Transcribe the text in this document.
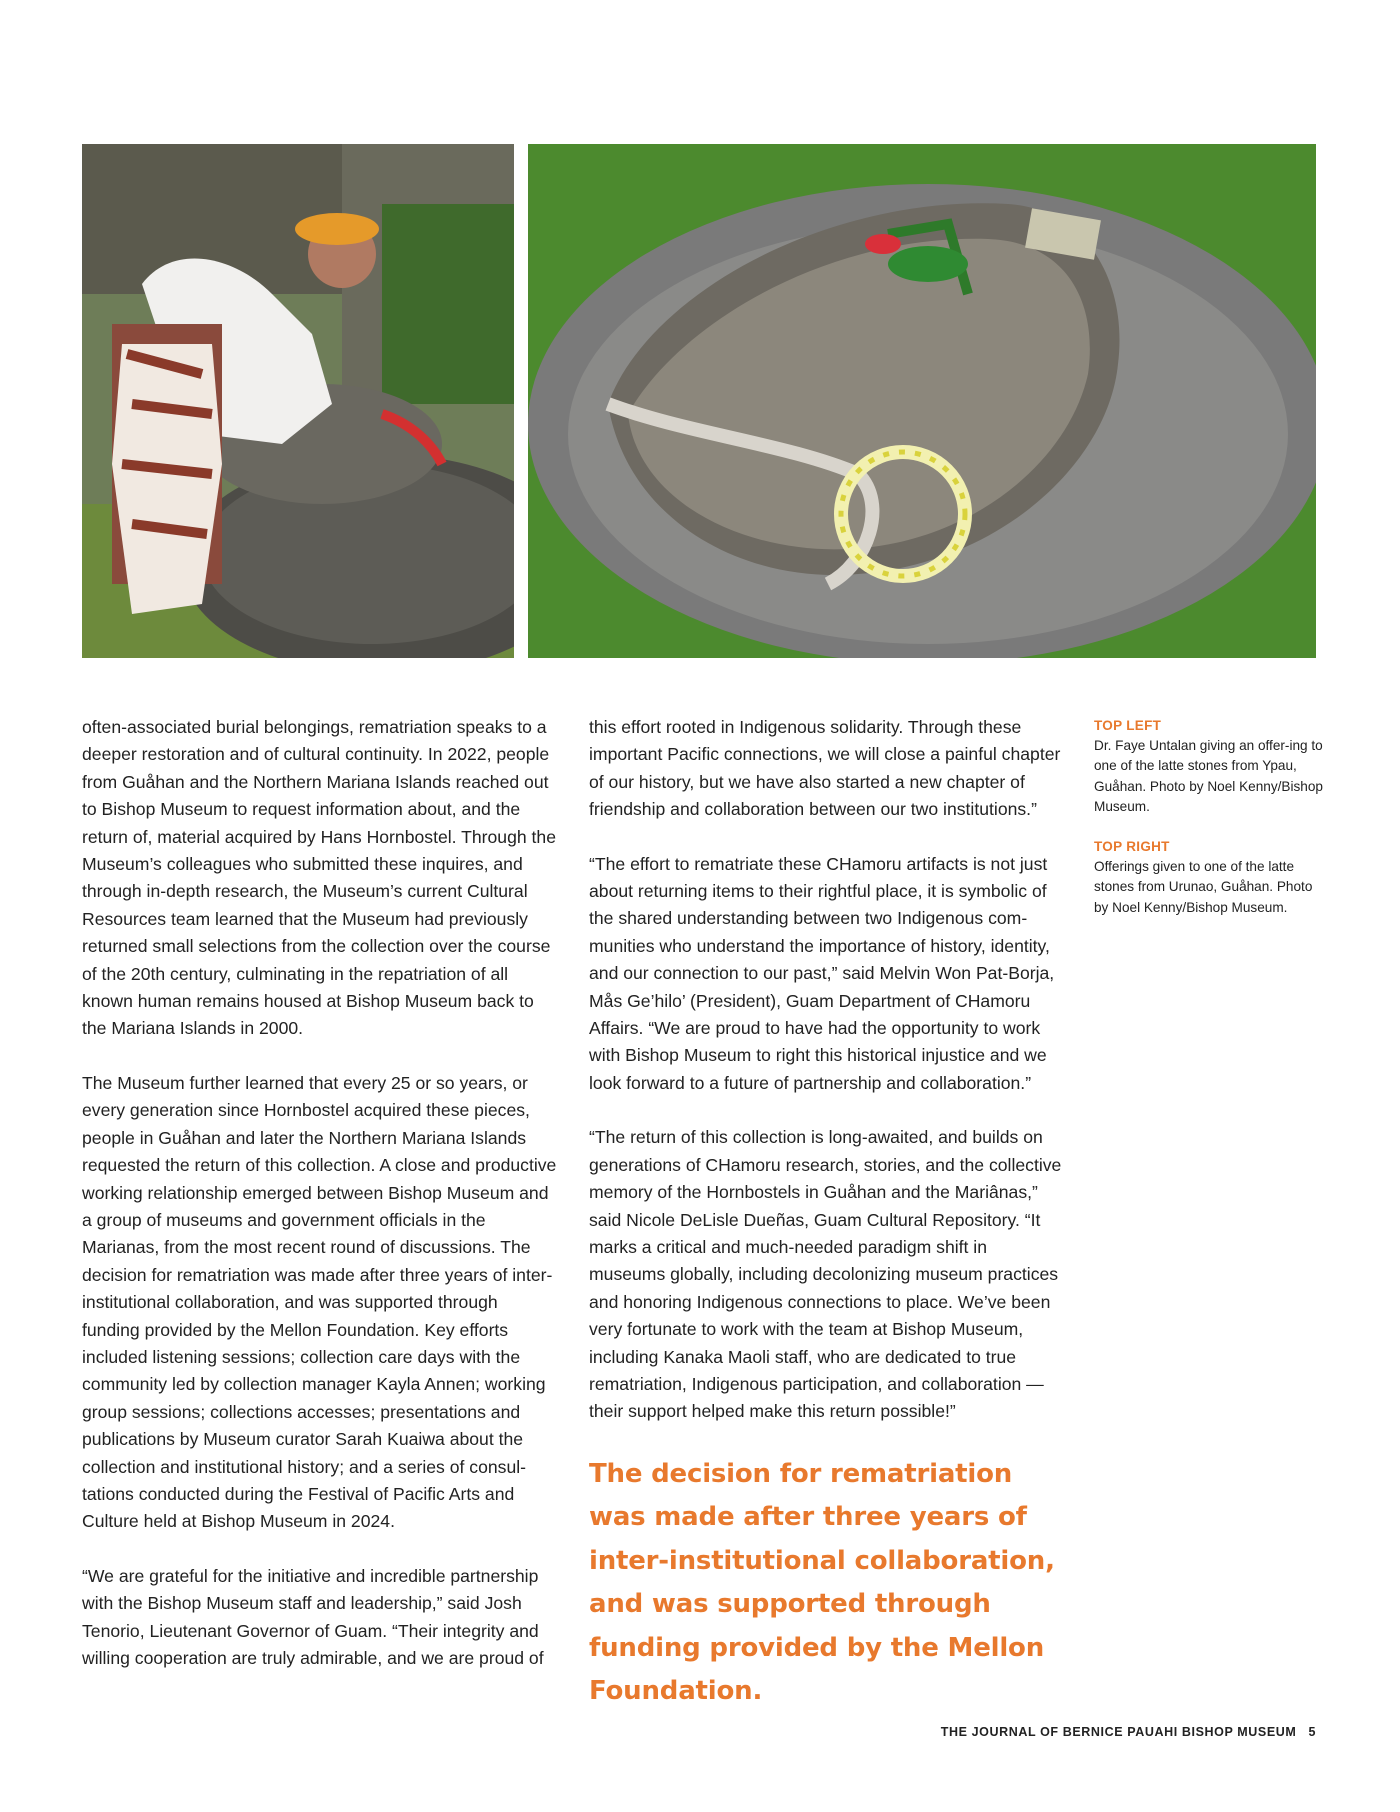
often-associated burial belongings, rematriation speaks to a deeper restoration and of cultural continuity. In 2022, people from Guåhan and the Northern Mariana Islands reached out to Bishop Museum to request information about, and the return of, material acquired by Hans Hornbostel. Through the Museum’s colleagues who submitted these inquires, and through in-depth research, the Museum’s current Cultural Resources team learned that the Museum had previously returned small selections from the collection over the course of the 20th century, culminating in the repatriation of all known human remains housed at Bishop Museum back to the Mariana Islands in 2000.

The Museum further learned that every 25 or so years, or every generation since Hornbostel acquired these pieces, people in Guåhan and later the Northern Mariana Islands requested the return of this collection. A close and productive working relationship emerged between Bishop Museum and a group of museums and government officials in the Marianas, from the most recent round of discussions. The decision for rematriation was made after three years of inter-institutional collaboration, and was supported through funding provided by the Mellon Foundation. Key efforts included listening sessions; collection care days with the community led by collection manager Kayla Annen; working group sessions; collections accesses; presentations and publications by Museum curator Sarah Kuaiwa about the collection and institutional history; and a series of consul-tations conducted during the Festival of Pacific Arts and Culture held at Bishop Museum in 2024.

“We are grateful for the initiative and incredible partnership with the Bishop Museum staff and leadership,” said Josh Tenorio, Lieutenant Governor of Guam. “Their integrity and willing cooperation are truly admirable, and we are proud of

this effort rooted in Indigenous solidarity. Through these important Pacific connections, we will close a painful chapter of our history, but we have also started a new chapter of friendship and collaboration between our two institutions.”

“The effort to rematriate these CHamoru artifacts is not just about returning items to their rightful place, it is symbolic of the shared understanding between two Indigenous com-munities who understand the importance of history, identity, and our connection to our past,” said Melvin Won Pat-Borja, Mås Ge’hilo’ (President), Guam Department of CHamoru Affairs. “We are proud to have had the opportunity to work with Bishop Museum to right this historical injustice and we look forward to a future of partnership and collaboration.”

“The return of this collection is long-awaited, and builds on generations of CHamoru research, stories, and the collective memory of the Hornbostels in Guåhan and the Mariânas,” said Nicole DeLisle Dueñas, Guam Cultural Repository. “It marks a critical and much-needed paradigm shift in museums globally, including decolonizing museum practices and honoring Indigenous connections to place. We’ve been very fortunate to work with the team at Bishop Museum, including Kanaka Maoli staff, who are dedicated to true rematriation, Indigenous participation, and collaboration — their support helped make this return possible!”

The decision for rematriation was made after three years of inter-institutional collaboration, and was supported through funding provided by the Mellon Foundation.
TOP LEFT
Dr. Faye Untalan giving an offer-ing to one of the latte stones from Ypau, Guåhan. Photo by Noel Kenny/Bishop Museum.
TOP RIGHT
Offerings given to one of the latte stones from Urunao, Guåhan. Photo by Noel Kenny/Bishop Museum.
THE JOURNAL OF BERNICE PAUAHI BISHOP MUSEUM 5
